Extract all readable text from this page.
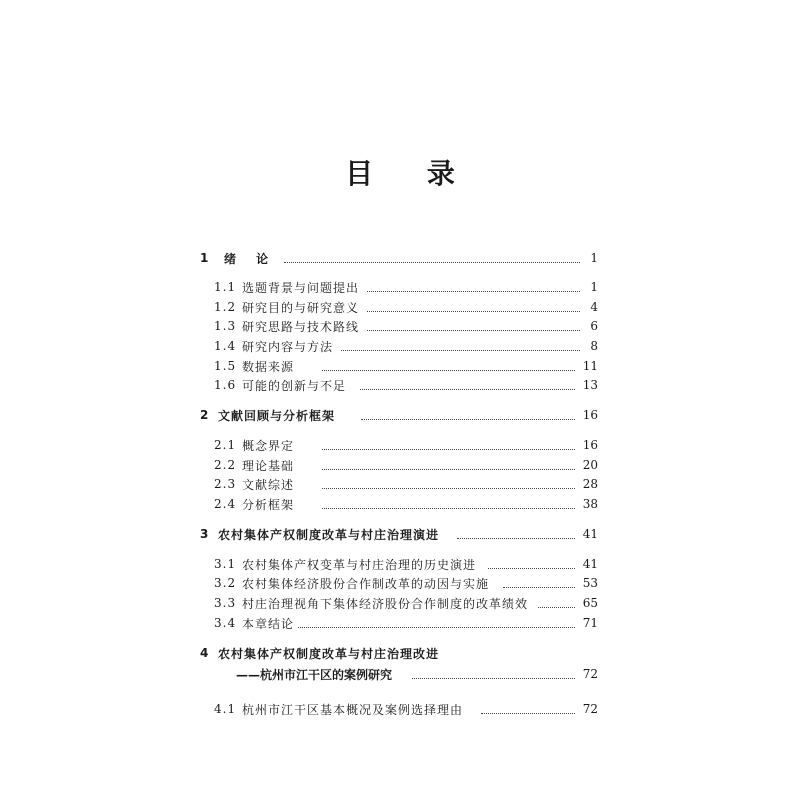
目 录
1	绪 论	1
1.1 选题背景与问题提出	1
1.2 研究目的与研究意义	4
1.3 研究思路与技术路线	6
1.4 研究内容与方法	8
1.5 数据来源	11
1.6 可能的创新与不足	13
2 文献回顾与分析框架	16
2.1 概念界定	16
2.2 理论基础	20
2.3 文献综述	28
2.4 分析框架	38
3 农村集体产权制度改革与村庄治理演进	41
3.1 农村集体产权变革与村庄治理的历史演进	41
3.2 农村集体经济股份合作制改革的动因与实施	53
3.3 村庄治理视角下集体经济股份合作制度的改革绩效	65
3.4 本章结论	71
4 农村集体产权制度改革与村庄治理改进
——杭州市江干区的案例研究	72
4.1 杭州市江干区基本概况及案例选择理由	72
